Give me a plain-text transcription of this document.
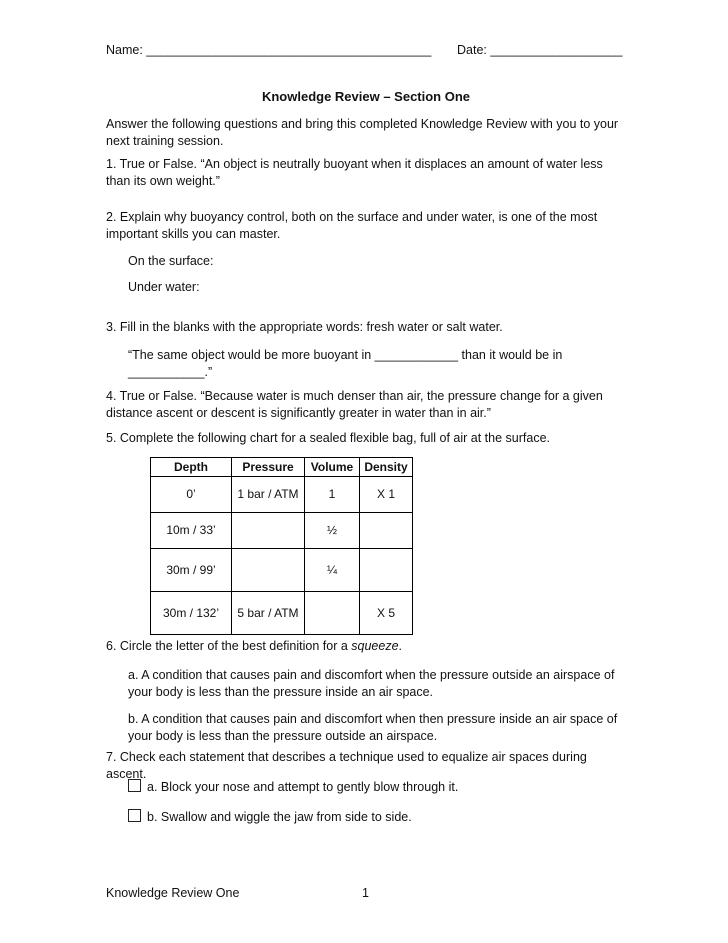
Name: _________________________________________ Date: ___________________
Knowledge Review – Section One

Answer the following questions and bring this completed Knowledge Review with you to your next training session.

1. True or False. “An object is neutrally buoyant when it displaces an amount of water less than its own weight.”

2. Explain why buoyancy control, both on the surface and under water, is one of the most important skills you can master.

On the surface:

Under water:

3. Fill in the blanks with the appropriate words: fresh water or salt water.

“The same object would be more buoyant in ____________ than it would be in ___________.”

4. True or False. “Because water is much denser than air, the pressure change for a given distance ascent or descent is significantly greater in water than in air.”

5. Complete the following chart for a sealed flexible bag, full of air at the surface.

Depth	Pressure	Volume	Density
0’	1 bar / ATM	1	X 1
10m / 33’		½	
30m / 99’		¼	
30m / 132’	5 bar / ATM		X 5

6. Circle the letter of the best definition for a squeeze.

a. A condition that causes pain and discomfort when the pressure outside an airspace of your body is less than the pressure inside an air space.

b. A condition that causes pain and discomfort when then pressure inside an air space of your body is less than the pressure outside an airspace.

7. Check each statement that describes a technique used to equalize air spaces during ascent.

a. Block your nose and attempt to gently blow through it.
b. Swallow and wiggle the jaw from side to side.
Knowledge Review One	1
